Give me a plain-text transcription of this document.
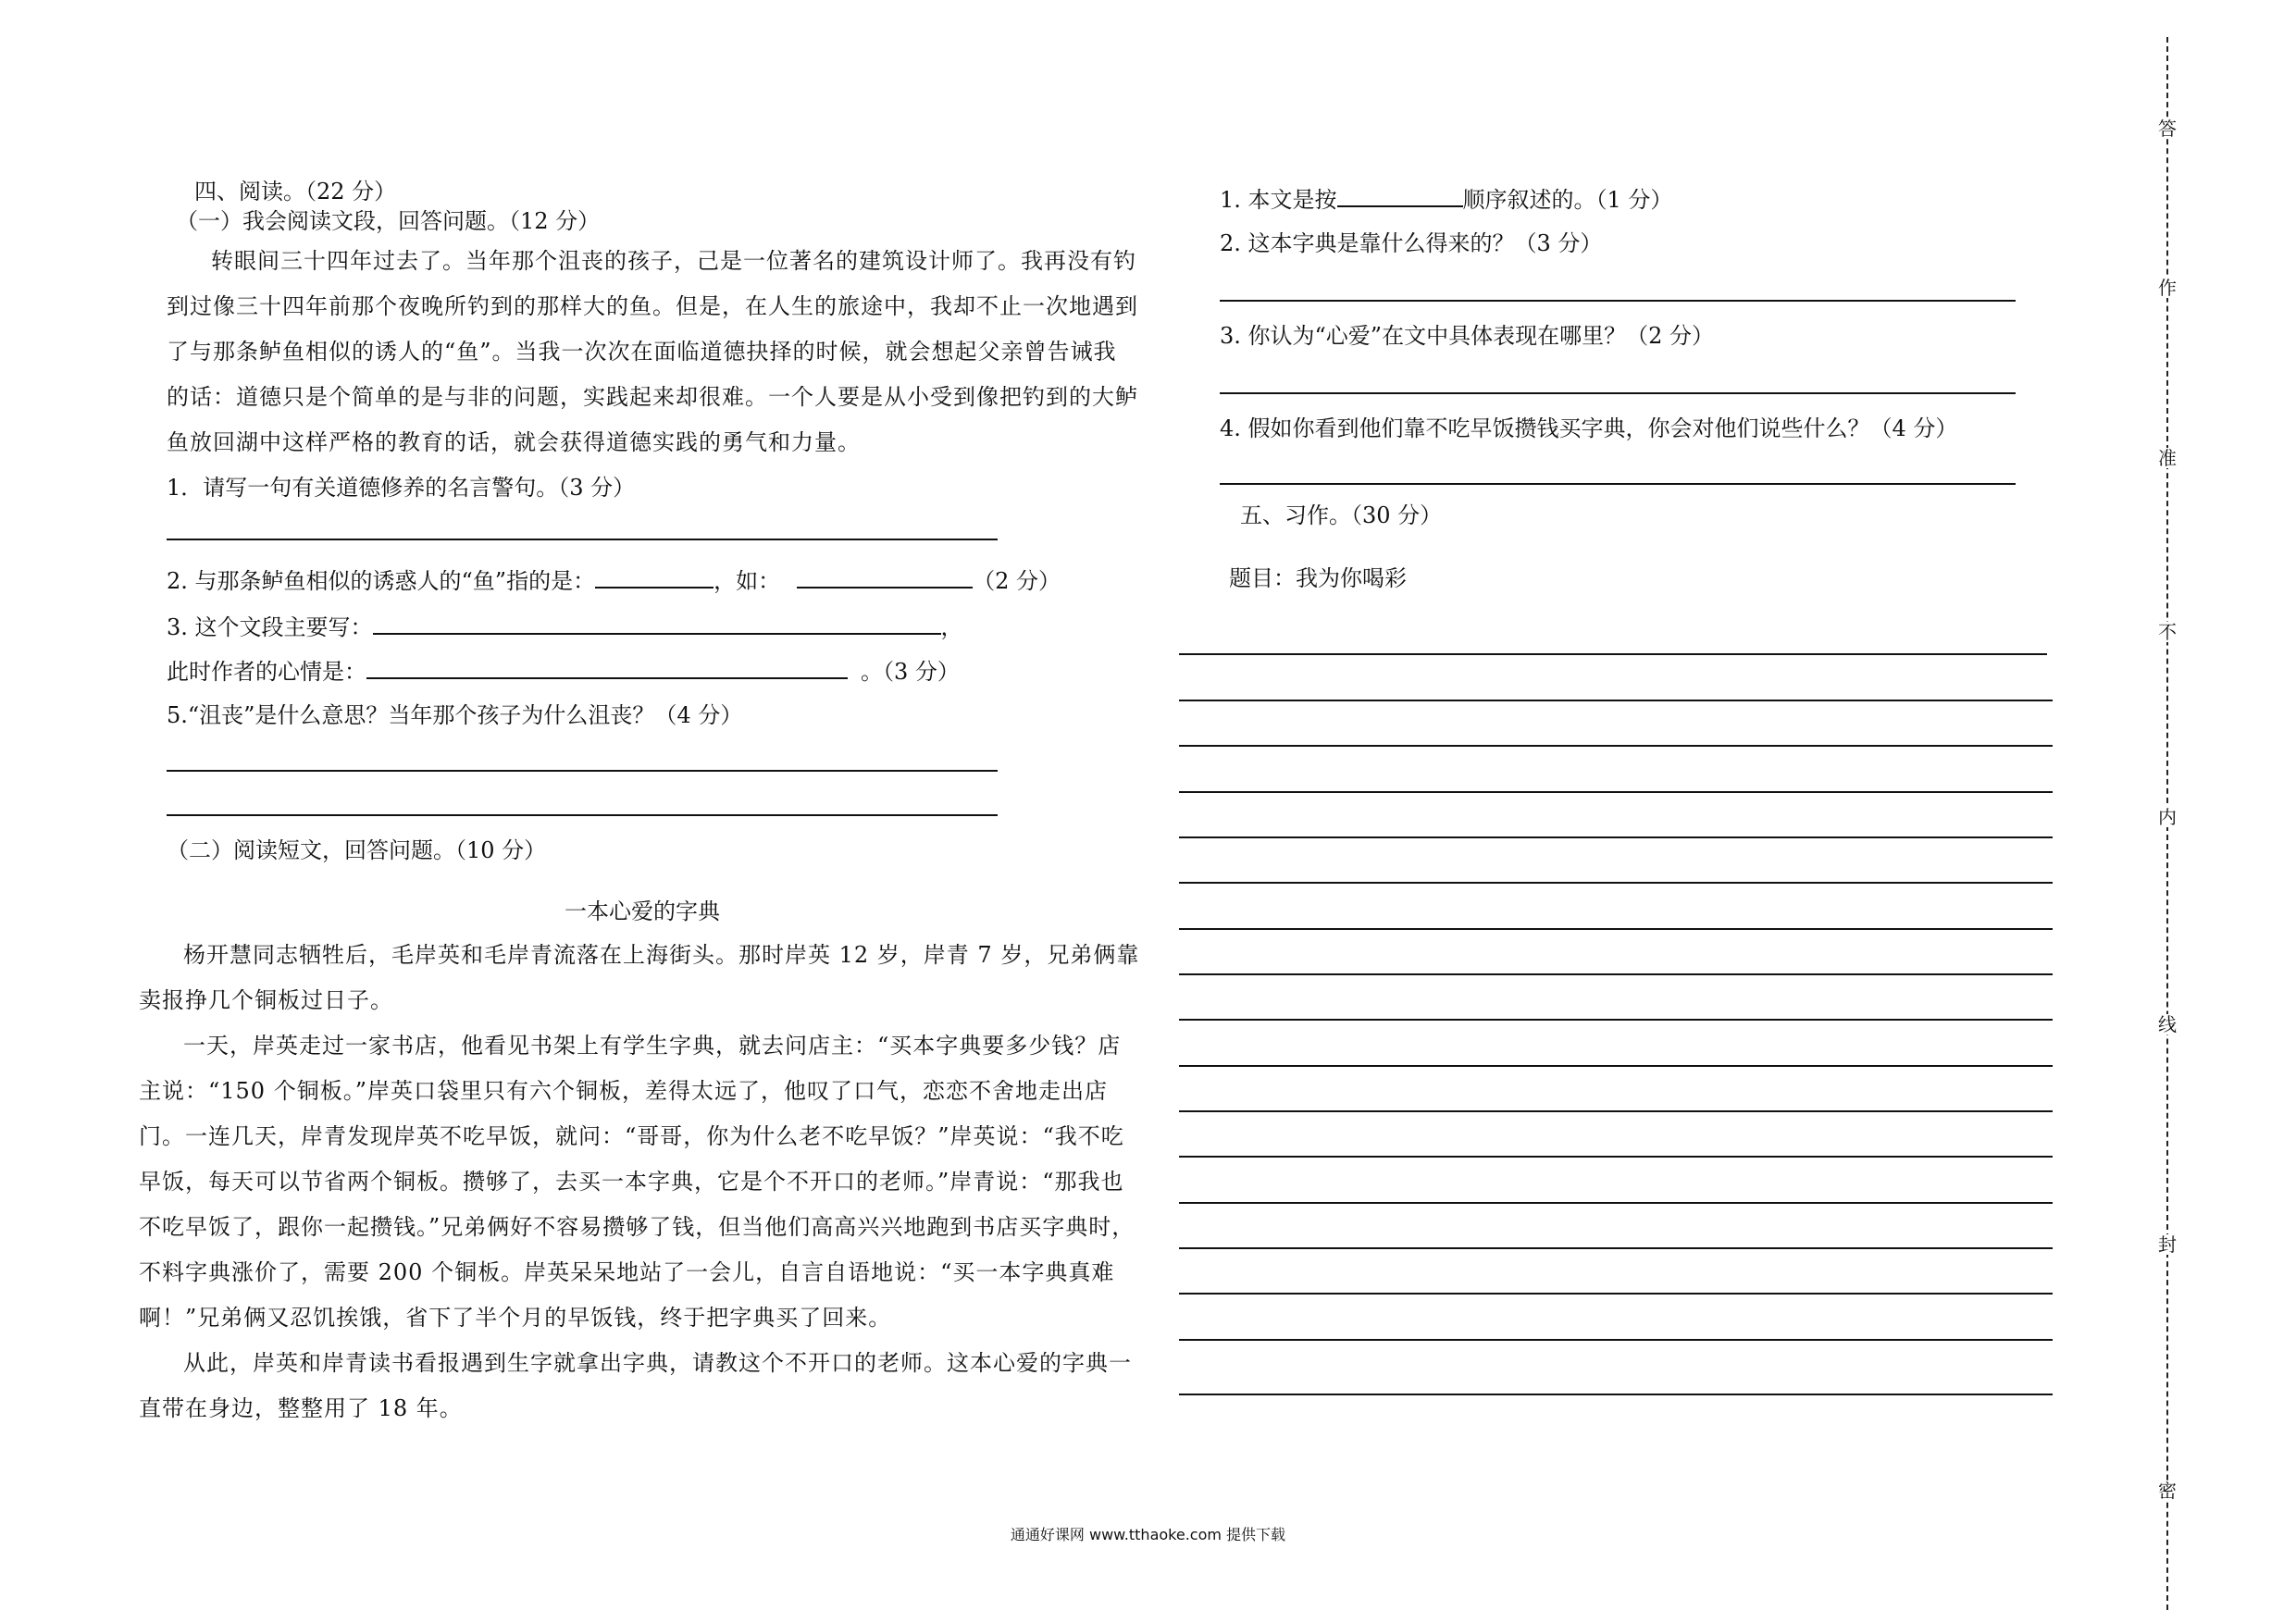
四、阅读。（22 分）
（一）我会阅读文段，回答问题。（12 分）

转眼间三十四年过去了。当年那个沮丧的孩子，己是一位著名的建筑设计师了。我再没有钓

到过像三十四年前那个夜晚所钓到的那样大的鱼。但是，在人生的旅途中，我却不止一次地遇到

了与那条鲈鱼相似的诱人的“鱼”。当我一次次在面临道德抉择的时候，就会想起父亲曾告诫我

的话：道德只是个简单的是与非的问题，实践起来却很难。一个人要是从小受到像把钓到的大鲈

鱼放回湖中这样严格的教育的话，就会获得道德实践的勇气和力量。

1．请写一句有关道德修养的名言警句。（3 分）
2. 与那条鲈鱼相似的诱惑人的“鱼”指的是：	，如：	（2 分）
3. 这个文段主要写：	，
此时作者的心情是：	。（3 分）
5.“沮丧”是什么意思？当年那个孩子为什么沮丧？（4 分）
（二）阅读短文，回答问题。（10 分）
一本心爱的字典

杨开慧同志牺牲后，毛岸英和毛岸青流落在上海街头。那时岸英 12 岁，岸青 7 岁，兄弟俩靠卖报挣几个铜板过日子。

一天，岸英走过一家书店，他看见书架上有学生字典，就去问店主：“买本字典要多少钱？店主说：“150 个铜板。”岸英口袋里只有六个铜板，差得太远了，他叹了口气，恋恋不舍地走出店门。一连几天，岸青发现岸英不吃早饭，就问：“哥哥，你为什么老不吃早饭？”岸英说：“我不吃早饭，每天可以节省两个铜板。攒够了，去买一本字典，它是个不开口的老师。”岸青说：“那我也不吃早饭了，跟你一起攒钱。”兄弟俩好不容易攒够了钱，但当他们高高兴兴地跑到书店买字典时，不料字典涨价了，需要 200 个铜板。岸英呆呆地站了一会儿，自言自语地说：“买一本字典真难啊！”兄弟俩又忍饥挨饿，省下了半个月的早饭钱，终于把字典买了回来。

从此，岸英和岸青读书看报遇到生字就拿出字典，请教这个不开口的老师。这本心爱的字典一直带在身边，整整用了 18 年。

1. 本文是按	顺序叙述的。（1 分）
2. 这本字典是靠什么得来的？（3 分）
3. 你认为“心爱”在文中具体表现在哪里？（2 分）
4. 假如你看到他们靠不吃早饭攒钱买字典，你会对他们说些什么？（4 分）
五、习作。（30 分）
题目：我为你喝彩
答
作
准
不
内
线
封
密
通通好课网 www.tthaoke.com 提供下载
